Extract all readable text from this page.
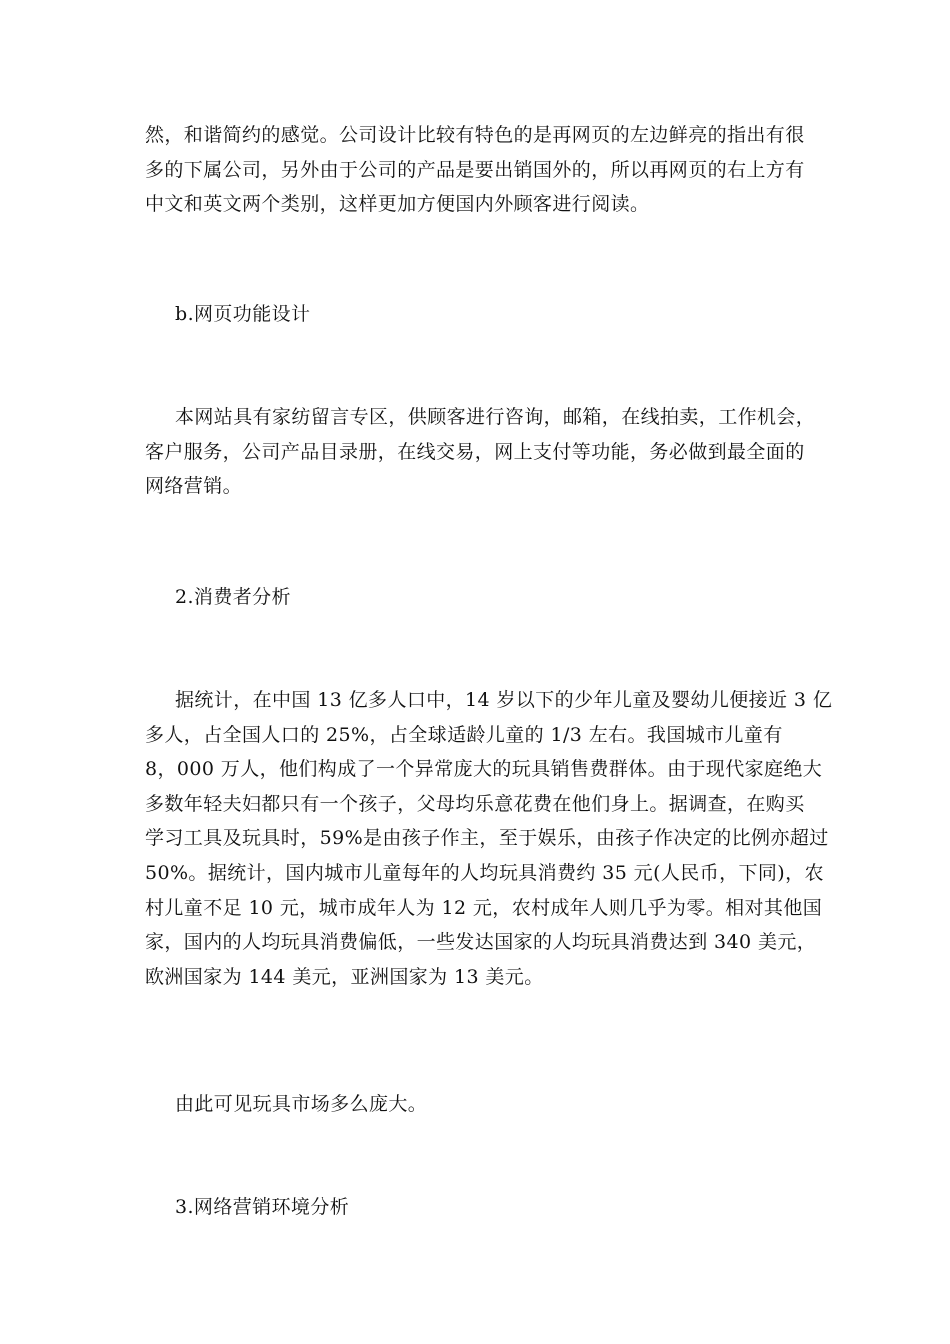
然，和谐简约的感觉。公司设计比较有特色的是再网页的左边鲜亮的指出有很
多的下属公司，另外由于公司的产品是要出销国外的，所以再网页的右上方有
中文和英文两个类别，这样更加方便国内外顾客进行阅读。
b.网页功能设计
本网站具有家纺留言专区，供顾客进行咨询，邮箱，在线拍卖，工作机会，
客户服务，公司产品目录册，在线交易，网上支付等功能，务必做到最全面的
网络营销。
2.消费者分析
据统计，在中国 13 亿多人口中，14 岁以下的少年儿童及婴幼儿便接近 3 亿
多人，占全国人口的 25%，占全球适龄儿童的 1/3 左右。我国城市儿童有
8，000 万人，他们构成了一个异常庞大的玩具销售费群体。由于现代家庭绝大
多数年轻夫妇都只有一个孩子，父母均乐意花费在他们身上。据调查，在购买
学习工具及玩具时，59%是由孩子作主，至于娱乐，由孩子作决定的比例亦超过
50%。据统计，国内城市儿童每年的人均玩具消费约 35 元(人民币，下同)，农
村儿童不足 10 元，城市成年人为 12 元，农村成年人则几乎为零。相对其他国
家，国内的人均玩具消费偏低，一些发达国家的人均玩具消费达到 340 美元，
欧洲国家为 144 美元，亚洲国家为 13 美元。
由此可见玩具市场多么庞大。
3.网络营销环境分析
